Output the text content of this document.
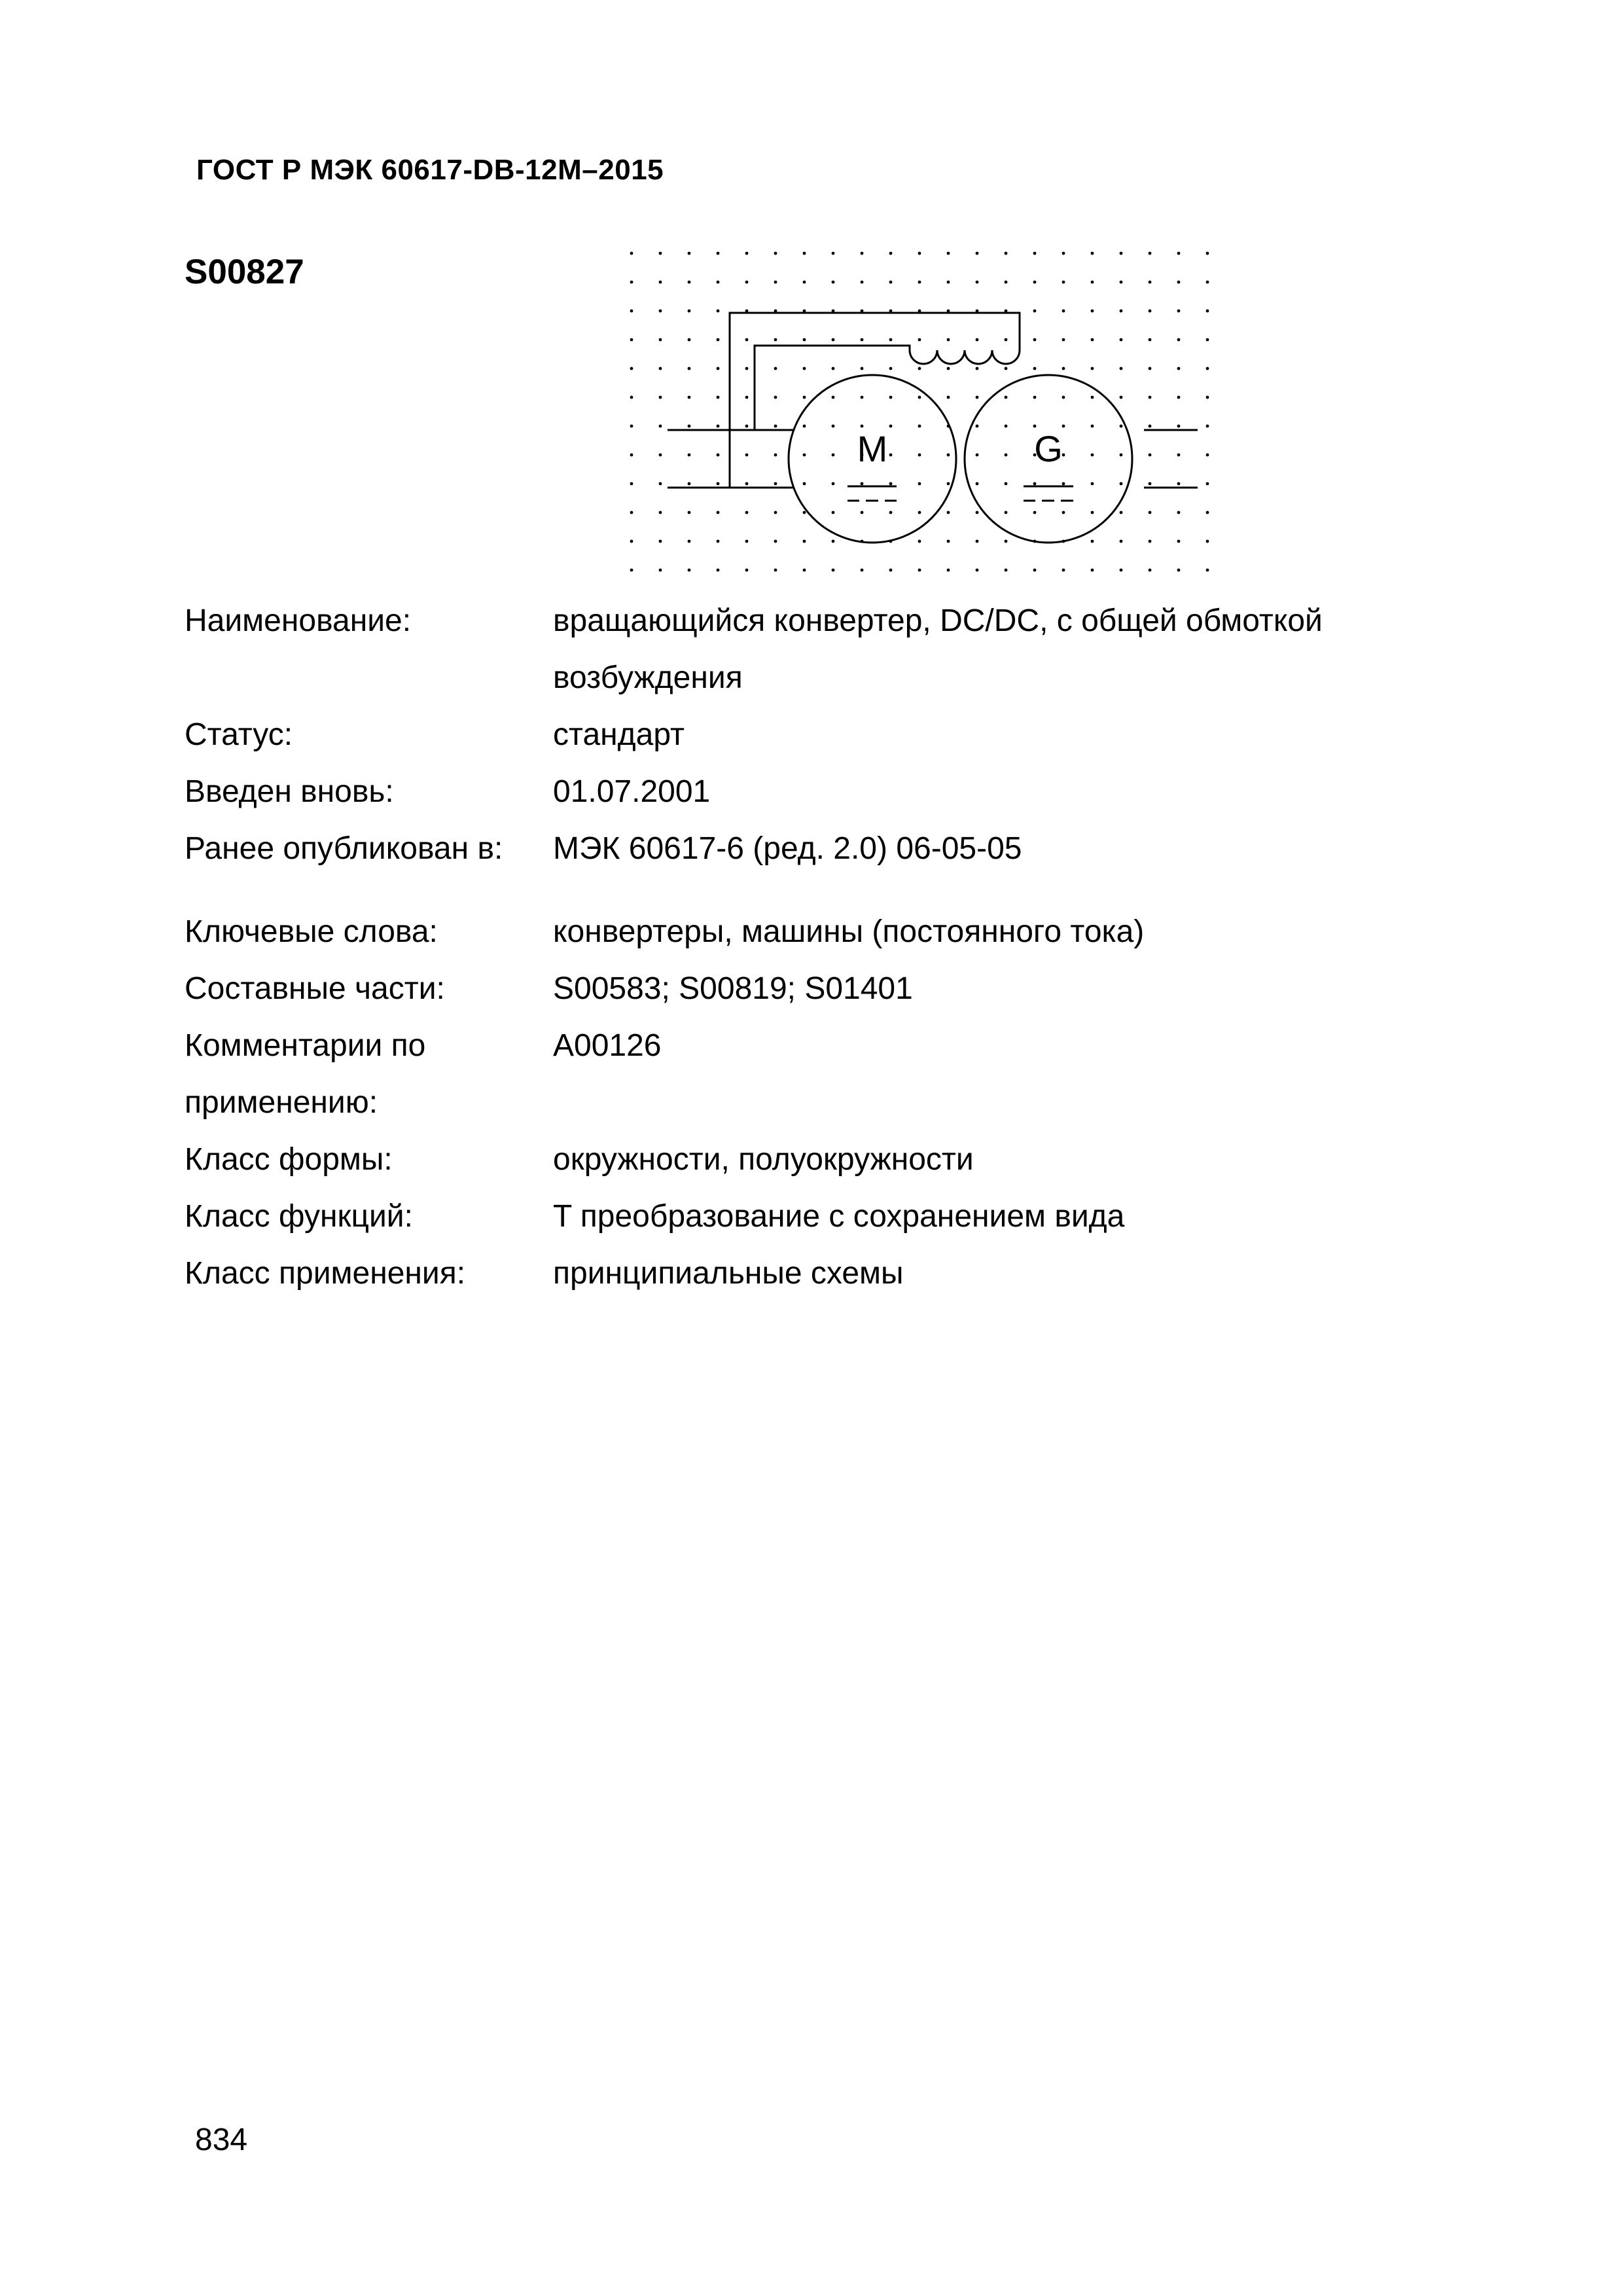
ГОСТ Р МЭК 60617-DB-12M–2015
S00827
M	G
Наименование:	вращающийся конвертер, DC/DC, с общей обмоткой возбуждения
Статус:	стандарт
Введен вновь:	01.07.2001
Ранее опубликован в:	МЭК 60617-6 (ред. 2.0) 06-05-05
Ключевые слова:	конвертеры, машины (постоянного тока)
Составные части:	S00583; S00819; S01401
Комментарии по применению:
A00126
Класс формы:	окружности, полуокружности
Класс функций:	T преобразование с сохранением вида
Класс применения:	принципиальные схемы
834
